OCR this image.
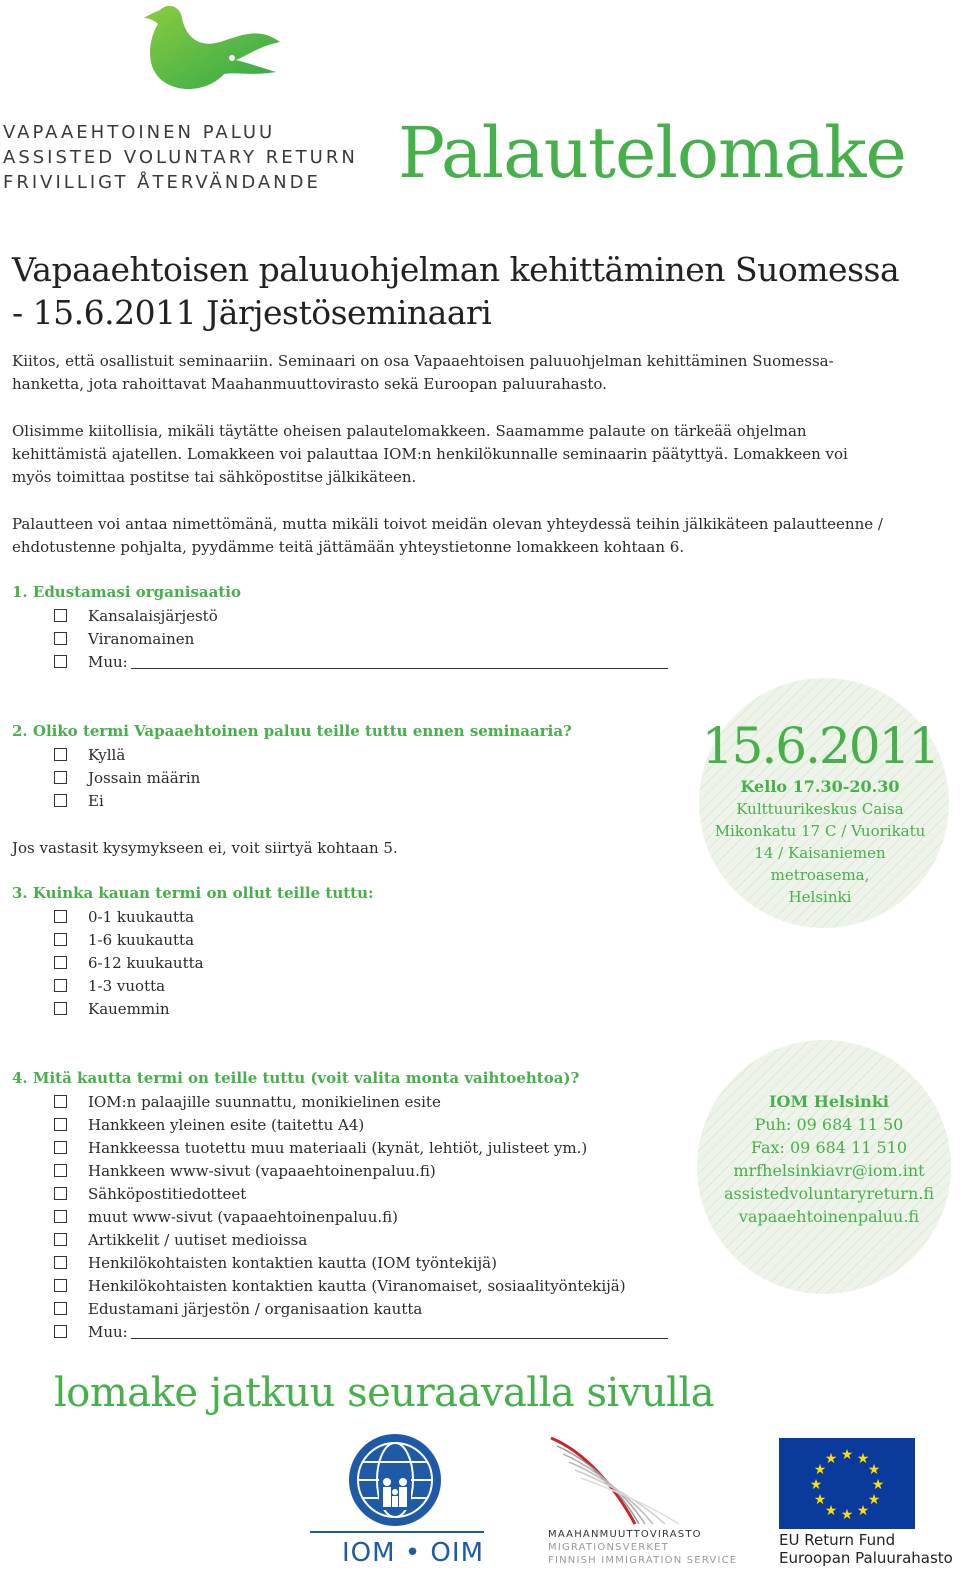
VAPAAEHTOINEN PALUU
ASSISTED VOLUNTARY RETURN
FRIVILLIGT ÅTERVÄNDANDE	Palautelomake
Vapaaehtoisen paluuohjelman kehittäminen Suomessa
- 15.6.2011 Järjestöseminaari
Kiitos, että osallistuit seminaariin. Seminaari on osa Vapaaehtoisen paluuohjelman kehittäminen Suomessa-hanketta, jota rahoittavat Maahanmuuttovirasto sekä Euroopan paluurahasto.
Olisimme kiitollisia, mikäli täytätte oheisen palautelomakkeen. Saamamme palaute on tärkeää ohjelman kehittämistä ajatellen. Lomakkeen voi palauttaa IOM:n henkilökunnalle seminaarin päätyttyä. Lomakkeen voi myös toimittaa postitse tai sähköpostitse jälkikäteen.
Palautteen voi antaa nimettömänä, mutta mikäli toivot meidän olevan yhteydessä teihin jälkikäteen palautteenne / ehdotustenne pohjalta, pyydämme teitä jättämään yhteystietonne lomakkeen kohtaan 6.
1. Edustamasi organisaatio
Kansalaisjärjestö
Viranomainen
Muu:
15.6.2011
Kello 17.30-20.30
Kulttuurikeskus Caisa
Mikonkatu 17 C / Vuorikatu
14 / Kaisaniemen
metroasema,
Helsinki
2. Oliko termi Vapaaehtoinen paluu teille tuttu ennen seminaaria?
Kyllä
Jossain määrin
Ei
Jos vastasit kysymykseen ei, voit siirtyä kohtaan 5.
3. Kuinka kauan termi on ollut teille tuttu:
0-1 kuukautta
1-6 kuukautta
6-12 kuukautta
1-3 vuotta
Kauemmin
IOM Helsinki
Puh: 09 684 11 50
Fax: 09 684 11 510
mrfhelsinkiavr@iom.int
assistedvoluntaryreturn.fi
vapaaehtoinenpaluu.fi
4. Mitä kautta termi on teille tuttu (voit valita monta vaihtoehtoa)?
IOM:n palaajille suunnattu, monikielinen esite
Hankkeen yleinen esite (taitettu A4)
Hankkeessa tuotettu muu materiaali (kynät, lehtiöt, julisteet ym.)
Hankkeen www-sivut (vapaaehtoinenpaluu.fi)
Sähköpostitiedotteet
muut www-sivut (vapaaehtoinenpaluu.fi)
Artikkelit / uutiset medioissa
Henkilökohtaisten kontaktien kautta (IOM työntekijä)
Henkilökohtaisten kontaktien kautta (Viranomaiset, sosiaalityöntekijä)
Edustamani järjestön / organisaation kautta
Muu:
lomake jatkuu seuraavalla sivulla
IOM • OIM
MAAHANMUUTTOVIRASTO
MIGRATIONSVERKET
FINNISH IMMIGRATION SERVICE
★ ★
★
★
★
★
★
★
★
★
★
★
EU Return Fund
Euroopan Paluurahasto
